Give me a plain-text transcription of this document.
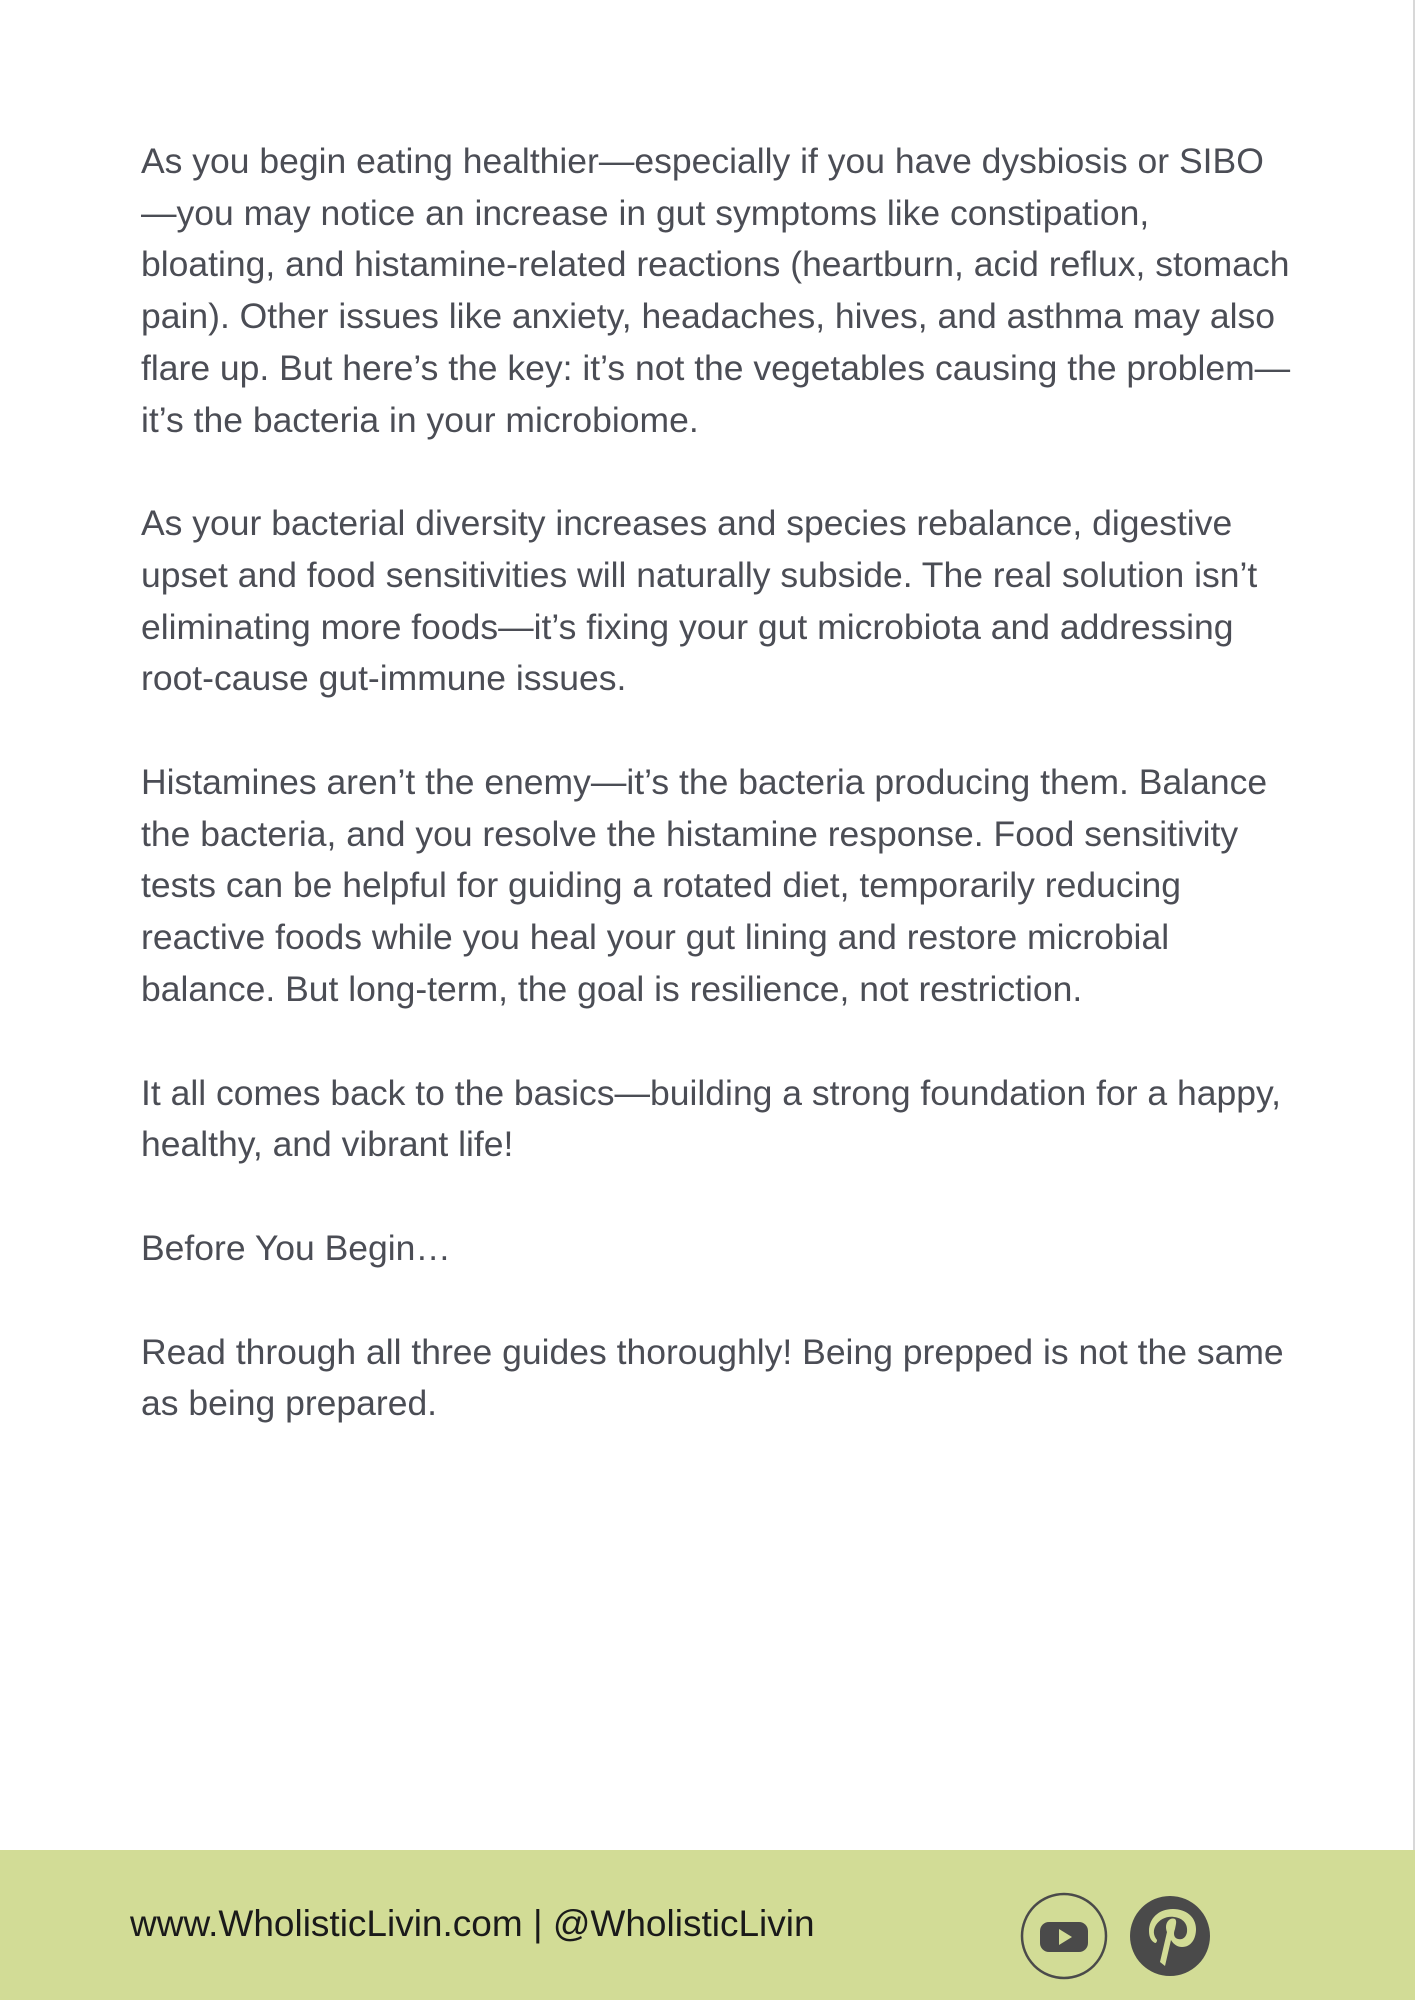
As you begin eating healthier—especially if you have dysbiosis or SIBO—you may notice an increase in gut symptoms like constipation, bloating, and histamine-related reactions (heartburn, acid reflux, stomach pain). Other issues like anxiety, headaches, hives, and asthma may also flare up. But here’s the key: it’s not the vegetables causing the problem—it’s the bacteria in your microbiome.

As your bacterial diversity increases and species rebalance, digestive upset and food sensitivities will naturally subside. The real solution isn’t eliminating more foods—it’s fixing your gut microbiota and addressing root-cause gut-immune issues.

Histamines aren’t the enemy—it’s the bacteria producing them. Balance the bacteria, and you resolve the histamine response. Food sensitivity tests can be helpful for guiding a rotated diet, temporarily reducing reactive foods while you heal your gut lining and restore microbial balance. But long-term, the goal is resilience, not restriction.

It all comes back to the basics—building a strong foundation for a happy, healthy, and vibrant life!

Before You Begin…

Read through all three guides thoroughly! Being prepped is not the same as being prepared.

www.WholisticLivin.com | @WholisticLivin
